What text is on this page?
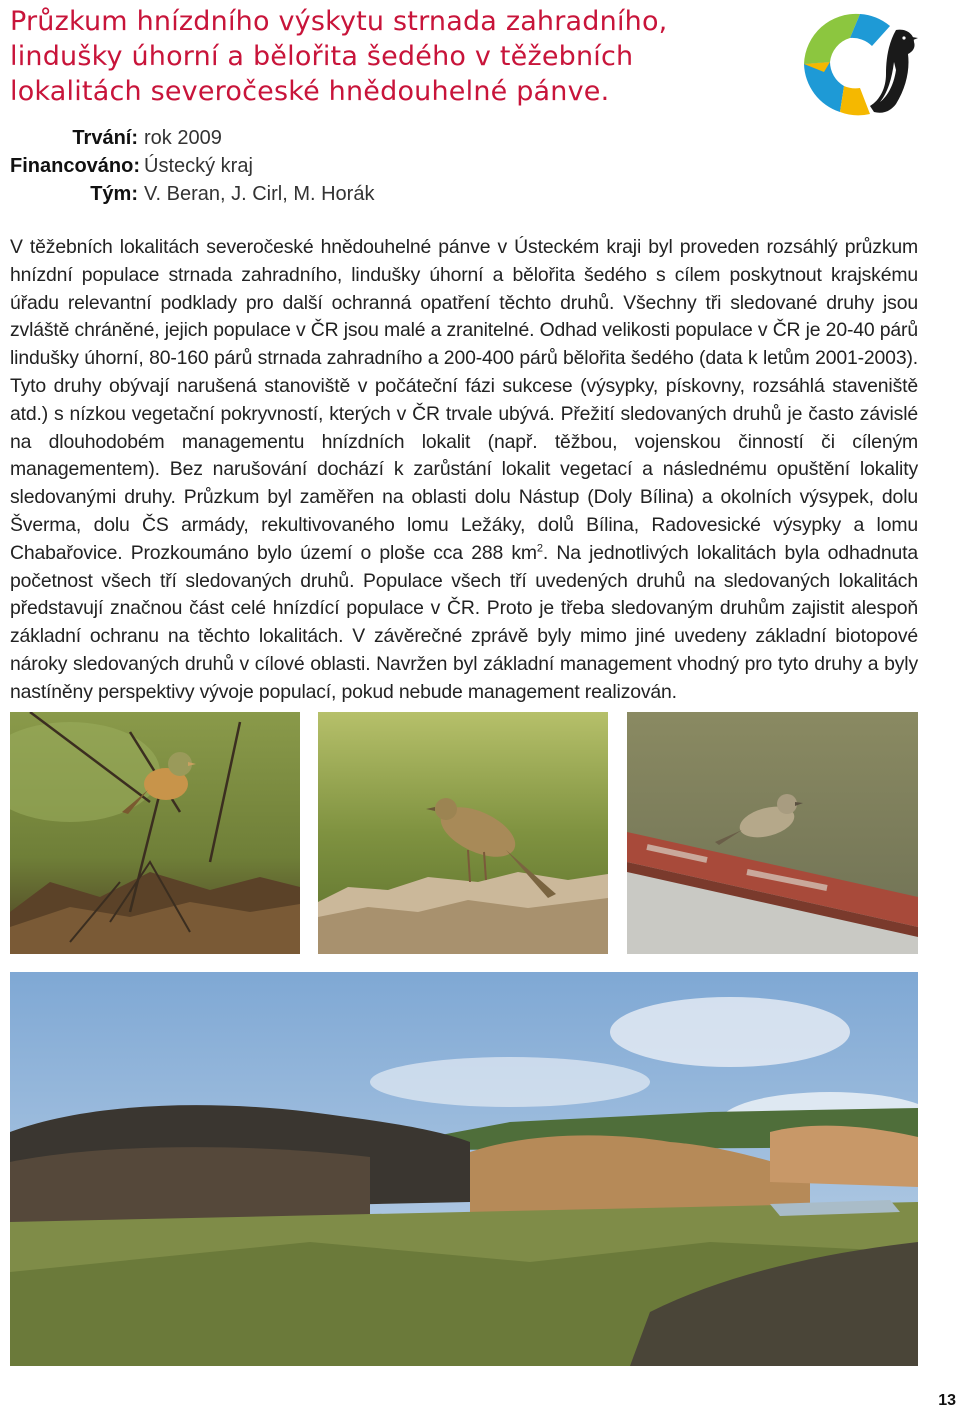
Průzkum hnízdního výskytu strnada zahradního,
lindušky úhorní a bělořita šedého v těžebních
lokalitách severočeské hnědouhelné pánve.
Trvání: rok 2009
Financováno: Ústecký kraj
Tým: V. Beran, J. Cirl, M. Horák

V těžebních lokalitách severočeské hnědouhelné pánve v Ústeckém kraji byl proveden rozsáhlý průzkum hnízdní populace strnada zahradního, lindušky úhorní a bělořita šedého s cílem poskytnout krajskému úřadu relevantní podklady pro další ochranná opatření těchto druhů. Všechny tři sledované druhy jsou zvláště chráněné, jejich populace v ČR jsou malé a zranitelné. Odhad velikosti populace v ČR je 20-40 párů lindušky úhorní, 80-160 párů strnada zahradního a 200-400 párů bělořita šedého (data k letům 2001-2003). Tyto druhy obývají narušená stanoviště v počáteční fázi sukcese (výsypky, pískovny, rozsáhlá staveniště atd.) s nízkou vegetační pokryvností, kterých v ČR trvale ubývá. Přežití sledovaných druhů je často závislé na dlouhodobém managementu hnízdních lokalit (např. těžbou, vojenskou činností či cíleným managementem). Bez narušování dochází k zarůstání lokalit vegetací a následnému opuštění lokality sledovanými druhy. Průzkum byl zaměřen na oblasti dolu Nástup (Doly Bílina) a okolních výsypek, dolu Šverma, dolu ČS armády, rekultivovaného lomu Ležáky, dolů Bílina, Radovesické výsypky a lomu Chabařovice. Prozkoumáno bylo území o ploše cca 288 $km^2$. Na jednotlivých lokalitách byla odhadnuta početnost všech tří sledovaných druhů. Populace všech tří uvedených druhů na sledovaných lokalitách představují značnou část celé hnízdící populace v ČR. Proto je třeba sledovaným druhům zajistit alespoň základní ochranu na těchto lokalitách. V závěrečné zprávě byly mimo jiné uvedeny základní biotopové nároky sledovaných druhů v cílové oblasti. Navržen byl základní management vhodný pro tyto druhy a byly nastíněny perspektivy vývoje populací, pokud nebude management realizován.

13
